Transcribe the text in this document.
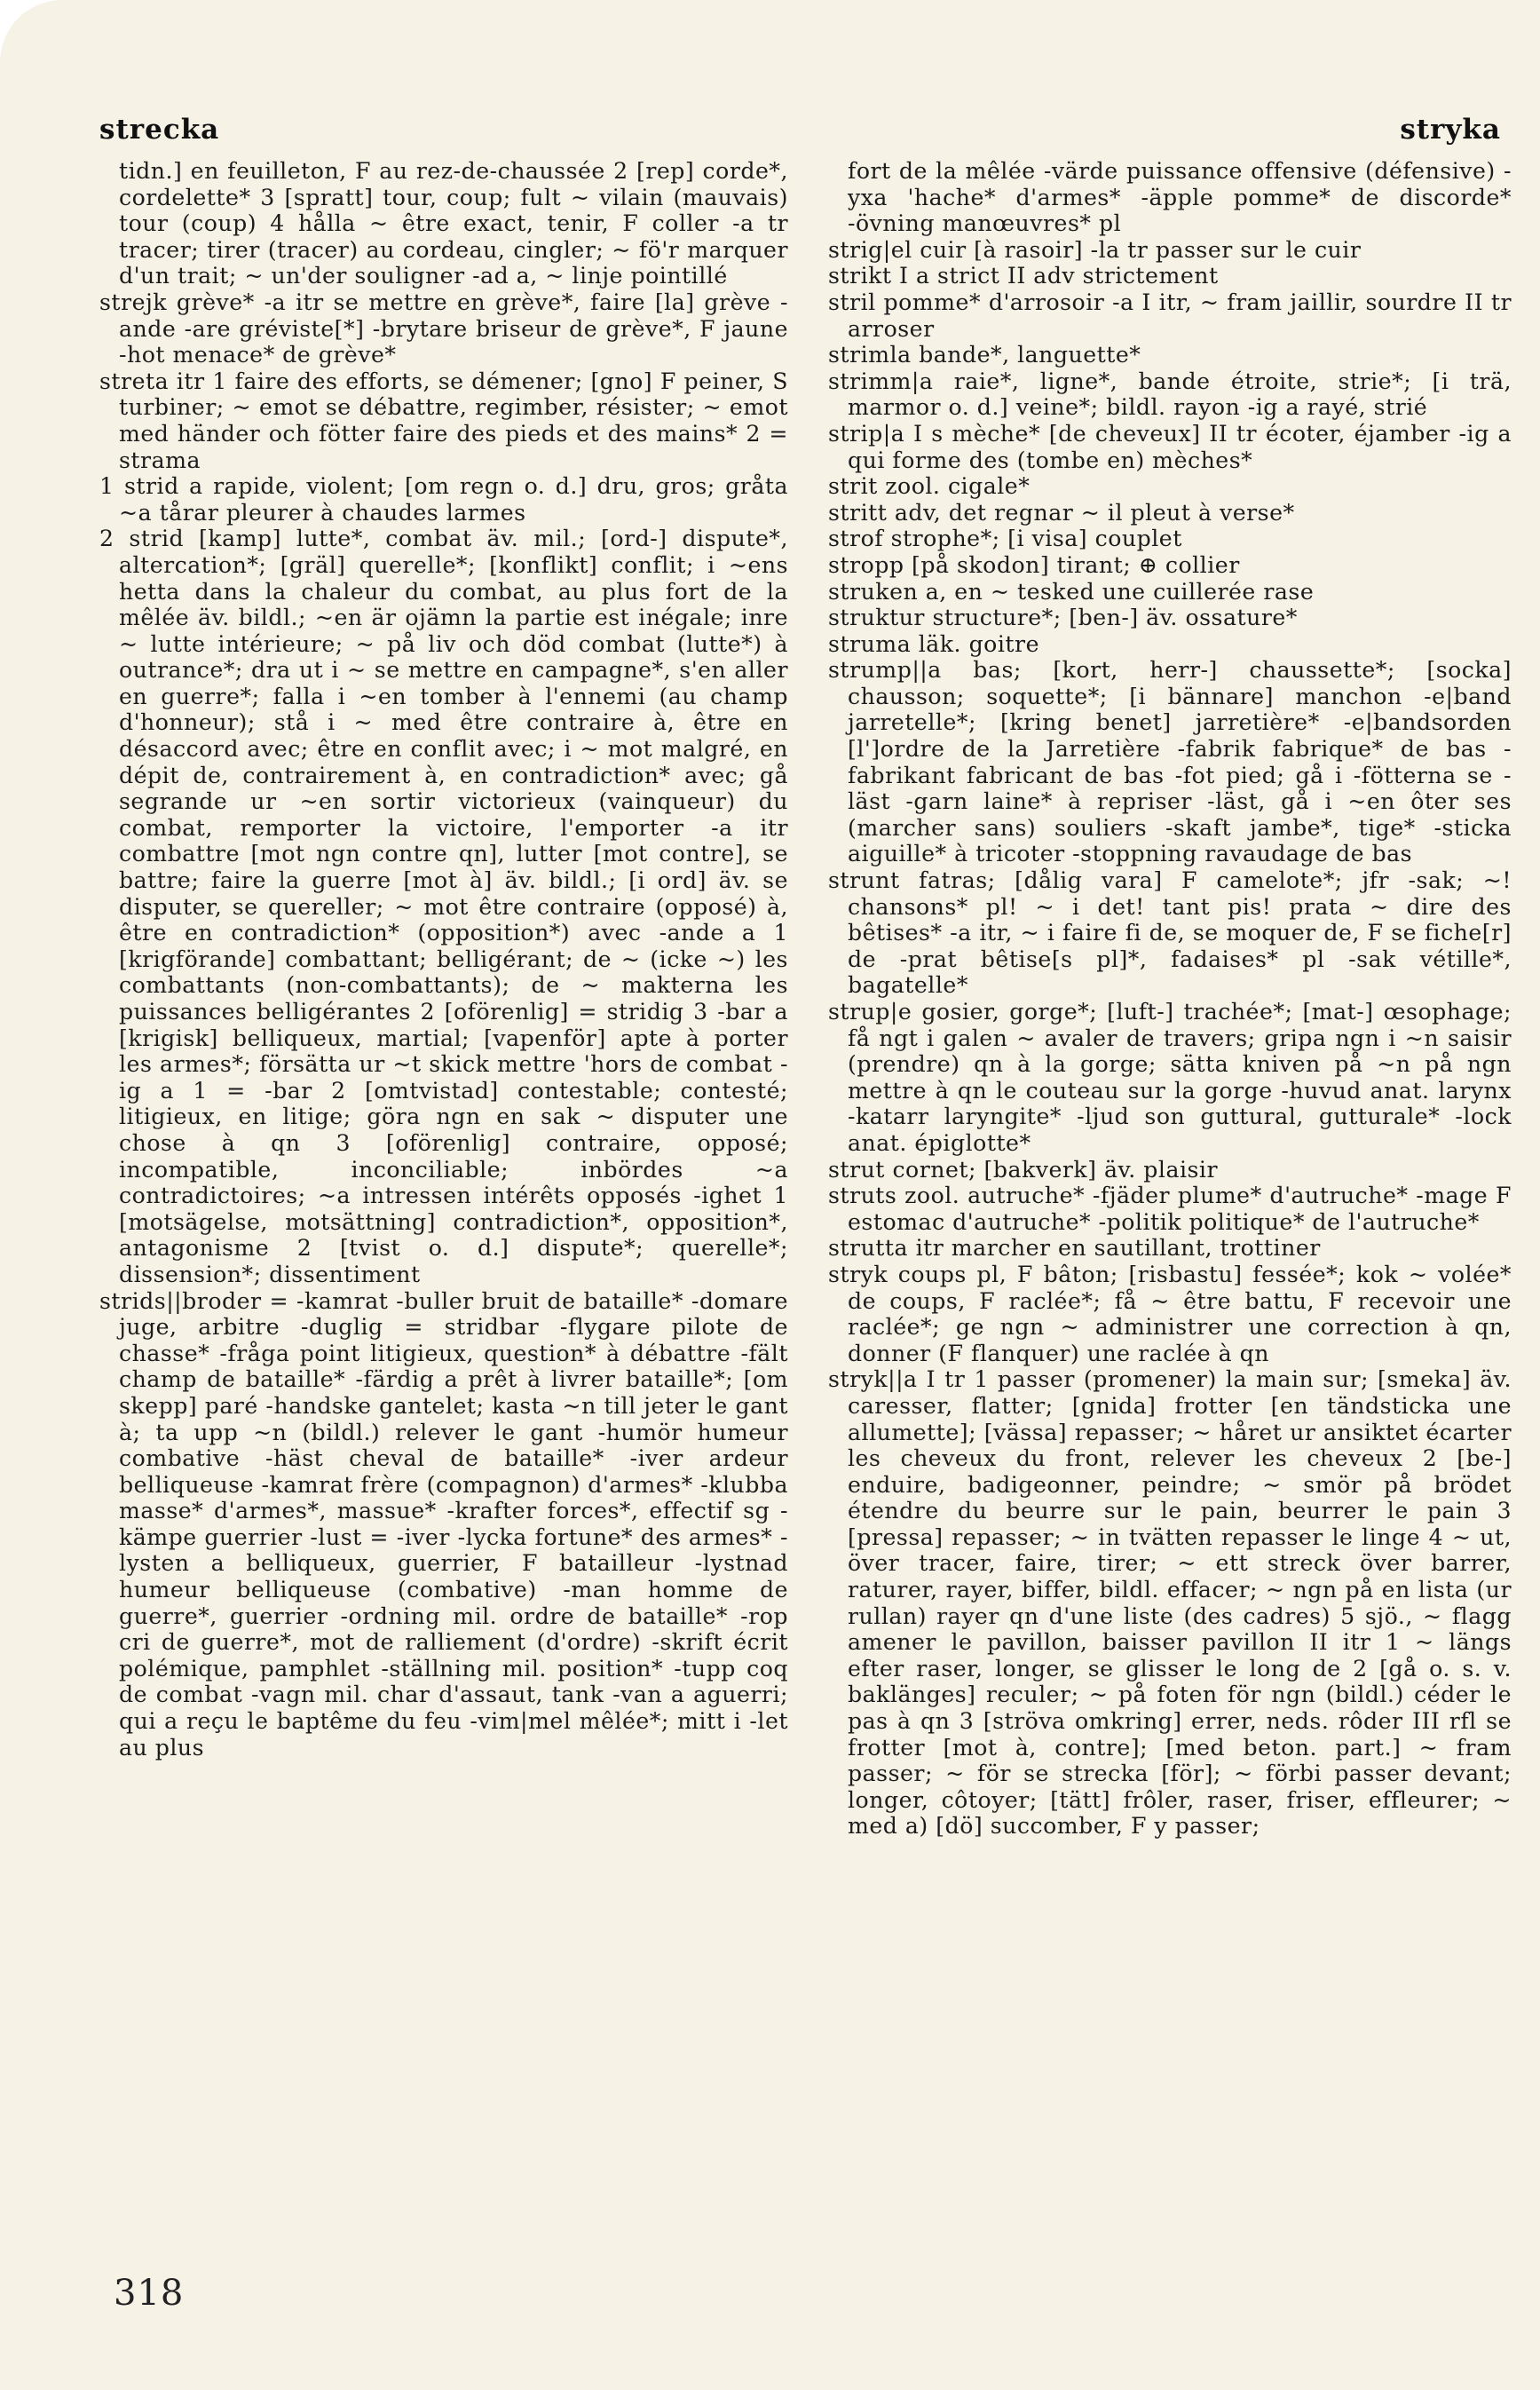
strecka	stryka

tidn.] en feuilleton, F au rez-de-chaussée 2 [rep] corde*, cordelette* 3 [spratt] tour, coup; fult ~ vilain (mauvais) tour (coup) 4 hålla ~ être exact, tenir, F coller -a tr tracer; tirer (tracer) au cordeau, cingler; ~ fö'r marquer d'un trait; ~ un'der souligner -ad a, ~ linje pointillé

strejk grève* -a itr se mettre en grève*, faire [la] grève -ande -are gréviste[*] -brytare briseur de grève*, F jaune -hot menace* de grève*

streta itr 1 faire des efforts, se démener; [gno] F peiner, S turbiner; ~ emot se débattre, regimber, résister; ~ emot med händer och fötter faire des pieds et des mains* 2 = strama

1 strid a rapide, violent; [om regn o. d.] dru, gros; gråta ~a tårar pleurer à chaudes larmes

2 strid [kamp] lutte*, combat äv. mil.; [ord-] dispute*, altercation*; [gräl] querelle*; [konflikt] conflit; i ~ens hetta dans la chaleur du combat, au plus fort de la mêlée äv. bildl.; ~en är ojämn la partie est inégale; inre ~ lutte intérieure; ~ på liv och död combat (lutte*) à outrance*; dra ut i ~ se mettre en campagne*, s'en aller en guerre*; falla i ~en tomber à l'ennemi (au champ d'honneur); stå i ~ med être contraire à, être en désaccord avec; être en conflit avec; i ~ mot malgré, en dépit de, contrairement à, en contradiction* avec; gå segrande ur ~en sortir victorieux (vainqueur) du combat, remporter la victoire, l'emporter -a itr combattre [mot ngn contre qn], lutter [mot contre], se battre; faire la guerre [mot à] äv. bildl.; [i ord] äv. se disputer, se quereller; ~ mot être contraire (opposé) à, être en contradiction* (opposition*) avec -ande a 1 [krigförande] combattant; belligérant; de ~ (icke ~) les combattants (non-combattants); de ~ makterna les puissances belligérantes 2 [oförenlig] = stridig 3 -bar a [krigisk] belliqueux, martial; [vapenför] apte à porter les armes*; försätta ur ~t skick mettre 'hors de combat -ig a 1 = -bar 2 [omtvistad] contestable; contesté; litigieux, en litige; göra ngn en sak ~ disputer une chose à qn 3 [oförenlig] contraire, opposé; incompatible, inconciliable; inbördes ~a contradictoires; ~a intressen intérêts opposés -ighet 1 [motsägelse, motsättning] contradiction*, opposition*, antagonisme 2 [tvist o. d.] dispute*; querelle*; dissension*; dissentiment

strids||broder = -kamrat -buller bruit de bataille* -domare juge, arbitre -duglig = stridbar -flygare pilote de chasse* -fråga point litigieux, question* à débattre -fält champ de bataille* -färdig a prêt à livrer bataille*; [om skepp] paré -handske gantelet; kasta ~n till jeter le gant à; ta upp ~n (bildl.) relever le gant -humör humeur combative -häst cheval de bataille* -iver ardeur belliqueuse -kamrat frère (compagnon) d'armes* -klubba masse* d'armes*, massue* -krafter forces*, effectif sg -kämpe guerrier -lust = -iver -lycka fortune* des armes* -lysten a belliqueux, guerrier, F batailleur -lystnad humeur belliqueuse (combative) -man homme de guerre*, guerrier -ordning mil. ordre de bataille* -rop cri de guerre*, mot de ralliement (d'ordre) -skrift écrit polémique, pamphlet -ställning mil. position* -tupp coq de combat -vagn mil. char d'assaut, tank -van a aguerri; qui a reçu le baptême du feu -vim|mel mêlée*; mitt i -let au plus

fort de la mêlée -värde puissance offensive (défensive) -yxa 'hache* d'armes* -äpple pomme* de discorde* -övning manœuvres* pl

strig|el cuir [à rasoir] -la tr passer sur le cuir

strikt I a strict II adv strictement

stril pomme* d'arrosoir -a I itr, ~ fram jaillir, sourdre II tr arroser

strimla bande*, languette*

strimm|a raie*, ligne*, bande étroite, strie*; [i trä, marmor o. d.] veine*; bildl. rayon -ig a rayé, strié

strip|a I s mèche* [de cheveux] II tr écoter, éjamber -ig a qui forme des (tombe en) mèches*

strit zool. cigale*

stritt adv, det regnar ~ il pleut à verse*

strof strophe*; [i visa] couplet

stropp [på skodon] tirant; ⊕ collier

struken a, en ~ tesked une cuillerée rase

struktur structure*; [ben-] äv. ossature*

struma läk. goitre

strump||a bas; [kort, herr-] chaussette*; [socka] chausson; soquette*; [i bännare] manchon -e|band jarretelle*; [kring benet] jarretière* -e|bandsorden [l']ordre de la Jarretière -fabrik fabrique* de bas -fabrikant fabricant de bas -fot pied; gå i -fötterna se -läst -garn laine* à repriser -läst, gå i ~en ôter ses (marcher sans) souliers -skaft jambe*, tige* -sticka aiguille* à tricoter -stoppning ravaudage de bas

strunt fatras; [dålig vara] F camelote*; jfr -sak; ~! chansons* pl! ~ i det! tant pis! prata ~ dire des bêtises* -a itr, ~ i faire fi de, se moquer de, F se fiche[r] de -prat bêtise[s pl]*, fadaises* pl -sak vétille*, bagatelle*

strup|e gosier, gorge*; [luft-] trachée*; [mat-] œsophage; få ngt i galen ~ avaler de travers; gripa ngn i ~n saisir (prendre) qn à la gorge; sätta kniven på ~n på ngn mettre à qn le couteau sur la gorge -huvud anat. larynx -katarr laryngite* -ljud son guttural, gutturale* -lock anat. épiglotte*

strut cornet; [bakverk] äv. plaisir

struts zool. autruche* -fjäder plume* d'autruche* -mage F estomac d'autruche* -politik politique* de l'autruche*

strutta itr marcher en sautillant, trottiner

stryk coups pl, F bâton; [risbastu] fessée*; kok ~ volée* de coups, F raclée*; få ~ être battu, F recevoir une raclée*; ge ngn ~ administrer une correction à qn, donner (F flanquer) une raclée à qn

stryk||a I tr 1 passer (promener) la main sur; [smeka] äv. caresser, flatter; [gnida] frotter [en tändsticka une allumette]; [vässa] repasser; ~ håret ur ansiktet écarter les cheveux du front, relever les cheveux 2 [be-] enduire, badigeonner, peindre; ~ smör på brödet étendre du beurre sur le pain, beurrer le pain 3 [pressa] repasser; ~ in tvätten repasser le linge 4 ~ ut, över tracer, faire, tirer; ~ ett streck över barrer, raturer, rayer, biffer, bildl. effacer; ~ ngn på en lista (ur rullan) rayer qn d'une liste (des cadres) 5 sjö., ~ flagg amener le pavillon, baisser pavillon II itr 1 ~ längs efter raser, longer, se glisser le long de 2 [gå o. s. v. baklänges] reculer; ~ på foten för ngn (bildl.) céder le pas à qn 3 [ströva omkring] errer, neds. rôder III rfl se frotter [mot à, contre]; [med beton. part.] ~ fram passer; ~ för se strecka [för]; ~ förbi passer devant; longer, côtoyer; [tätt] frôler, raser, friser, effleurer; ~ med a) [dö] succomber, F y passer;

318
